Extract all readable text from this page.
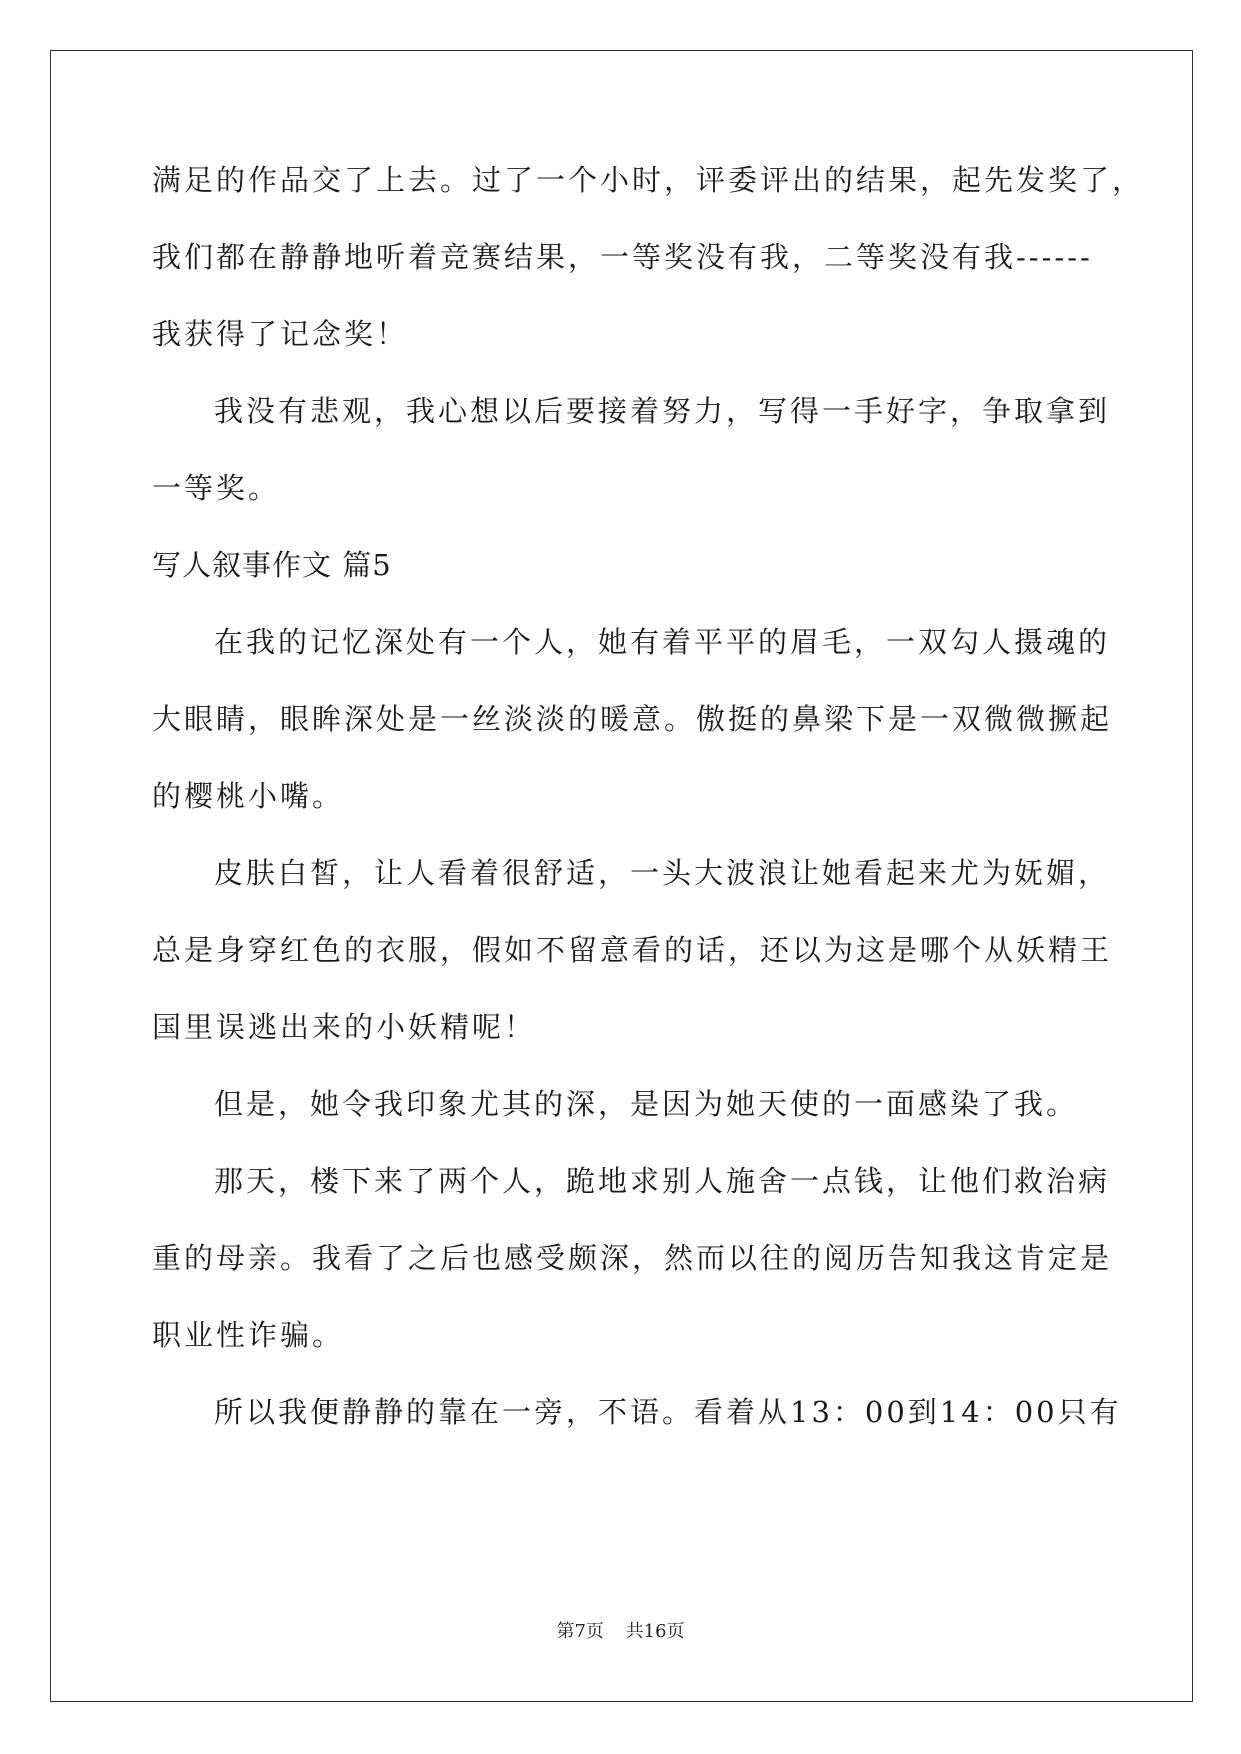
满足的作品交了上去。过了一个小时，评委评出的结果，起先发奖了，
我们都在静静地听着竞赛结果，一等奖没有我，二等奖没有我------
我获得了记念奖！
我没有悲观，我心想以后要接着努力，写得一手好字，争取拿到
一等奖。
写人叙事作文 篇5
在我的记忆深处有一个人，她有着平平的眉毛，一双勾人摄魂的
大眼睛，眼眸深处是一丝淡淡的暖意。傲挺的鼻梁下是一双微微撅起
的樱桃小嘴。
皮肤白皙，让人看着很舒适，一头大波浪让她看起来尤为妩媚，
总是身穿红色的衣服，假如不留意看的话，还以为这是哪个从妖精王
国里误逃出来的小妖精呢！
但是，她令我印象尤其的深，是因为她天使的一面感染了我。
那天，楼下来了两个人，跪地求别人施舍一点钱，让他们救治病
重的母亲。我看了之后也感受颇深，然而以往的阅历告知我这肯定是
职业性诈骗。
所以我便静静的靠在一旁，不语。看着从13：00到14：00只有
第7页 共16页
